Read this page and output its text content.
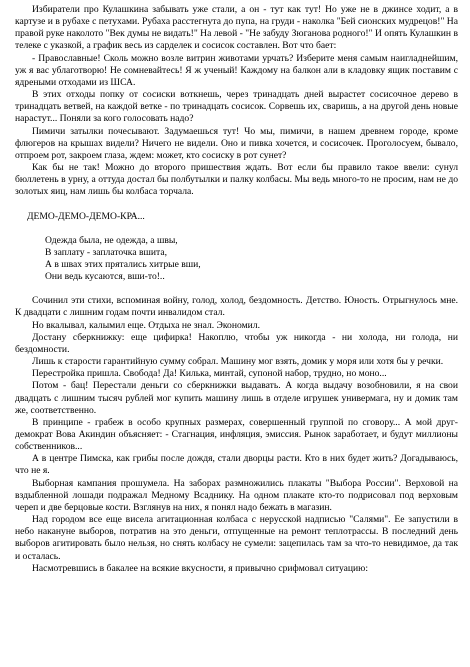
Избиратели про Кулашкина забывать уже стали, а он - тут как тут! Но уже не в джинсе ходит, а в картузе и в рубахе с петухами. Рубаха расстегнута до пупа, на груди - наколка "Бей сионских мудрецов!" На правой руке наколото "Век думы не видать!" На левой - "Не забуду Зюганова родного!" И опять Кулашкин в телеке с указкой, а график весь из сарделек и сосисок составлен. Вот что бает:

- Православные! Сколь можно возле витрин животами урчать? Изберите меня самым наигладнейшим, уж я вас ублаготворю! Не сомневайтесь! Я ж ученый! Каждому на балкон али в кладовку ящик поставим с ядреными отходами из ШСА.

В этих отходы попку от сосиски воткнешь, через тринадцать дней вырастет сосисочное дерево в тринадцать ветвей, на каждой ветке - по тринадцать сосисок. Сорвешь их, свaришь, а на другой день новые нарастут... Поняли за кого голосовать надо?

Пимичи затылки почесывают. Задумаешься тут! Чо мы, пимичи, в нашем древнем городе, кроме флюгеров на крышах видели? Ничего не видели. Оно и пивка хочется, и сосисочек. Проголосуем, бывало, отпроем рот, закроем глаза, ждем: может, кто сосиску в рот сунет?

Как бы не так! Можно до второго пришествия ждать. Вот если бы правило такое ввели: сунул бюллетень в урну, а оттуда достал бы полбутылки и палку колбасы. Мы ведь много-то не просим, нам не до золотых яиц, нам лишь бы колбаса торчала.

ДЕМО-ДЕМО-ДЕМО-КРА...

Одежда была, не одежда, а швы,

В заплату - заплаточка вшита,

А в швах этих прятались хитрые вши,

Они ведь кусаются, вши-то!..

Сочинил эти стихи, вспоминая войну, голод, холод, бездомность. Детство. Юность. Отрыгнулось мне. К двадцати с лишним годам почти инвалидом стал.

Но вкалывал, калымил еще. Отдыха не знал. Экономил.

Достану сберкнижку: еще цифирка! Накоплю, чтобы уж никогда - ни холода, ни голода, ни бездомности.

Лишь к старости гарантийную сумму собрал. Машину мог взять, домик у моря или хотя бы у речки.

Перестройка пришла. Свобода! Да! Килька, минтай, супоной набор, трудно, но моно...

Потом - бац! Перестали деньги со сберкнижки выдавать. А когда выдачу возобновили, я на свои двадцать с лишним тысяч рублей мог купить машину лишь в отделе игрушек универмага, ну и домик там же, соответственно.

В принципе - грабеж в особо крупных размерах, совершенный группой по сговору... А мой друг-демократ Вова Акиндин объясняет: - Стагнация, инфляция, эмиссия. Рынок заработает, и будут миллионы собственников...

А в центре Пимска, как грибы после дождя, стали дворцы расти. Кто в них будет жить? Догадываюсь, что не я.

Выборная кампания прошумела. На заборах размножились плакаты "Выбора России". Верховой на вздыбленной лошади подражал Медному Всаднику. На одном плакате кто-то подрисовал под верховым череп и две берцовые кости. Взглянув на них, я понял надо бежать в магазин.

Над городом все еще висела агитационная колбаса с нерусской надписью "Салями". Ее запустили в небо накануне выборов, потратив на это деньги, отпущенные на ремонт теплотрассы. В последний день выборов агитировать было нельзя, но снять колбасу не сумели: зацепилась там за что-то невидимое, да так и осталась.

Насмотревшись в бакалее на всякие вкусности, я привычно срифмовал ситуацию:
